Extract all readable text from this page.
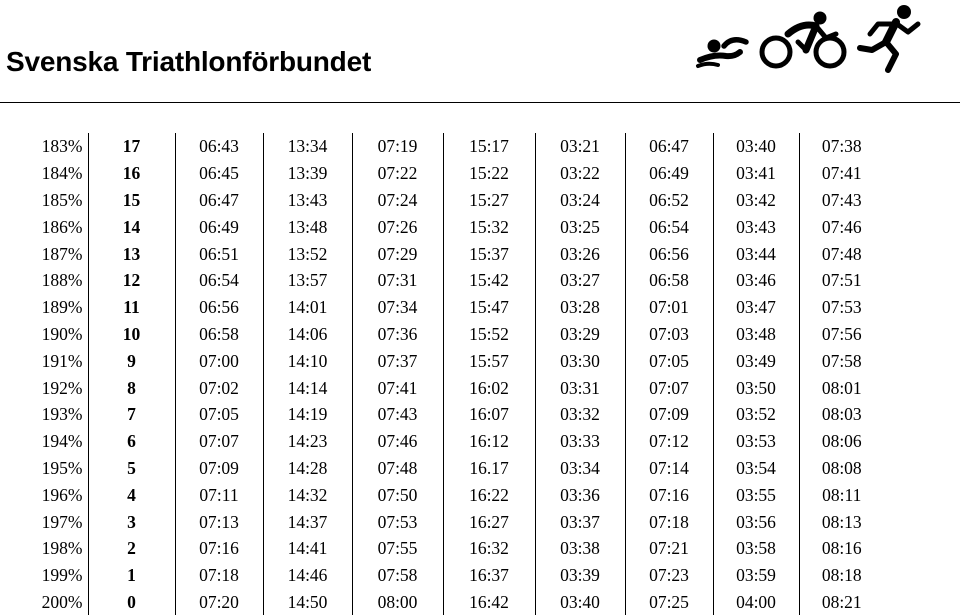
Svenska Triathlonförbundet
183%	17	06:43	13:34	07:19	15:17	03:21	06:47	03:40	07:38
184%	16	06:45	13:39	07:22	15:22	03:22	06:49	03:41	07:41
185%	15	06:47	13:43	07:24	15:27	03:24	06:52	03:42	07:43
186%	14	06:49	13:48	07:26	15:32	03:25	06:54	03:43	07:46
187%	13	06:51	13:52	07:29	15:37	03:26	06:56	03:44	07:48
188%	12	06:54	13:57	07:31	15:42	03:27	06:58	03:46	07:51
189%	11	06:56	14:01	07:34	15:47	03:28	07:01	03:47	07:53
190%	10	06:58	14:06	07:36	15:52	03:29	07:03	03:48	07:56
191%	9	07:00	14:10	07:37	15:57	03:30	07:05	03:49	07:58
192%	8	07:02	14:14	07:41	16:02	03:31	07:07	03:50	08:01
193%	7	07:05	14:19	07:43	16:07	03:32	07:09	03:52	08:03
194%	6	07:07	14:23	07:46	16:12	03:33	07:12	03:53	08:06
195%	5	07:09	14:28	07:48	16.17	03:34	07:14	03:54	08:08
196%	4	07:11	14:32	07:50	16:22	03:36	07:16	03:55	08:11
197%	3	07:13	14:37	07:53	16:27	03:37	07:18	03:56	08:13
198%	2	07:16	14:41	07:55	16:32	03:38	07:21	03:58	08:16
199%	1	07:18	14:46	07:58	16:37	03:39	07:23	03:59	08:18
200%	0	07:20	14:50	08:00	16:42	03:40	07:25	04:00	08:21
